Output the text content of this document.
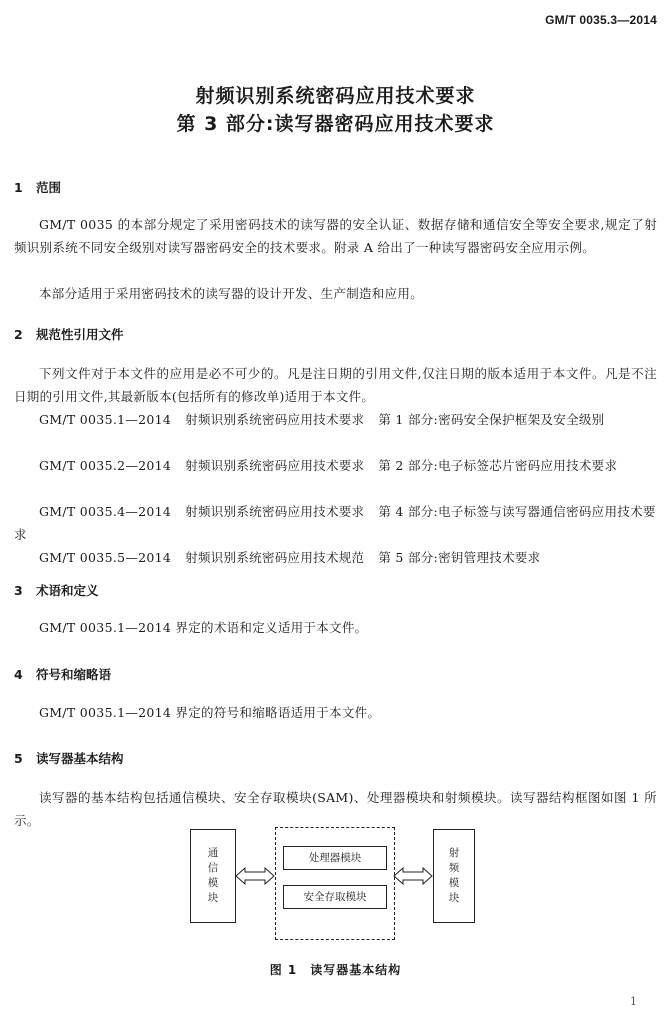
GM/T 0035.3—2014
射频识别系统密码应用技术要求
第 3 部分:读写器密码应用技术要求
1 范围
GM/T 0035 的本部分规定了采用密码技术的读写器的安全认证、数据存储和通信安全等安全要求,规定了射频识别系统不同安全级别对读写器密码安全的技术要求。附录 A 给出了一种读写器密码安全应用示例。
本部分适用于采用密码技术的读写器的设计开发、生产制造和应用。
2 规范性引用文件
下列文件对于本文件的应用是必不可少的。凡是注日期的引用文件,仅注日期的版本适用于本文件。凡是不注日期的引用文件,其最新版本(包括所有的修改单)适用于本文件。
GM/T 0035.1—2014 射频识别系统密码应用技术要求 第 1 部分:密码安全保护框架及安全级别
GM/T 0035.2—2014 射频识别系统密码应用技术要求 第 2 部分:电子标签芯片密码应用技术要求
GM/T 0035.4—2014 射频识别系统密码应用技术要求 第 4 部分:电子标签与读写器通信密码应用技术要求
GM/T 0035.5—2014 射频识别系统密码应用技术规范 第 5 部分:密钥管理技术要求
3 术语和定义
GM/T 0035.1—2014 界定的术语和定义适用于本文件。
4 符号和缩略语
GM/T 0035.1—2014 界定的符号和缩略语适用于本文件。
5 读写器基本结构
读写器的基本结构包括通信模块、安全存取模块(SAM)、处理器模块和射频模块。读写器结构框图如图 1 所示。
通信模块
处理器模块
安全存取模块
射频模块
图 1　读写器基本结构
1
